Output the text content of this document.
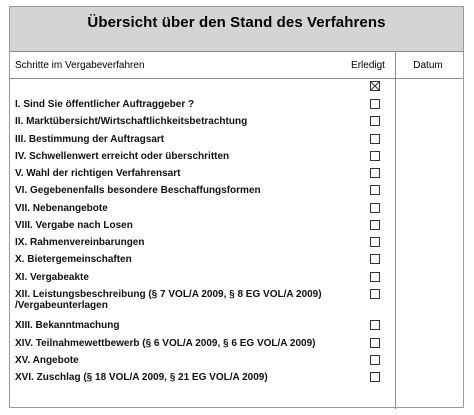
Übersicht über den Stand des Verfahrens
Schritte im Vergabeverfahren	Erledigt	Datum
I. Sind Sie öffentlicher Auftraggeber ?
II. Marktübersicht/Wirtschaftlichkeitsbetrachtung
III. Bestimmung der Auftragsart
IV. Schwellenwert erreicht oder überschritten
V. Wahl der richtigen Verfahrensart
VI. Gegebenenfalls besondere Beschaffungsformen
VII. Nebenangebote
VIII. Vergabe nach Losen
IX. Rahmenvereinbarungen
X. Bietergemeinschaften
XI. Vergabeakte
XII. Leistungsbeschreibung (§ 7 VOL/A 2009, § 8 EG VOL/A 2009) /Vergabeunterlagen
XIII. Bekanntmachung
XIV. Teilnahmewettbewerb (§ 6 VOL/A 2009, § 6 EG VOL/A 2009)
XV. Angebote
XVI. Zuschlag (§ 18 VOL/A 2009, § 21 EG VOL/A 2009)
